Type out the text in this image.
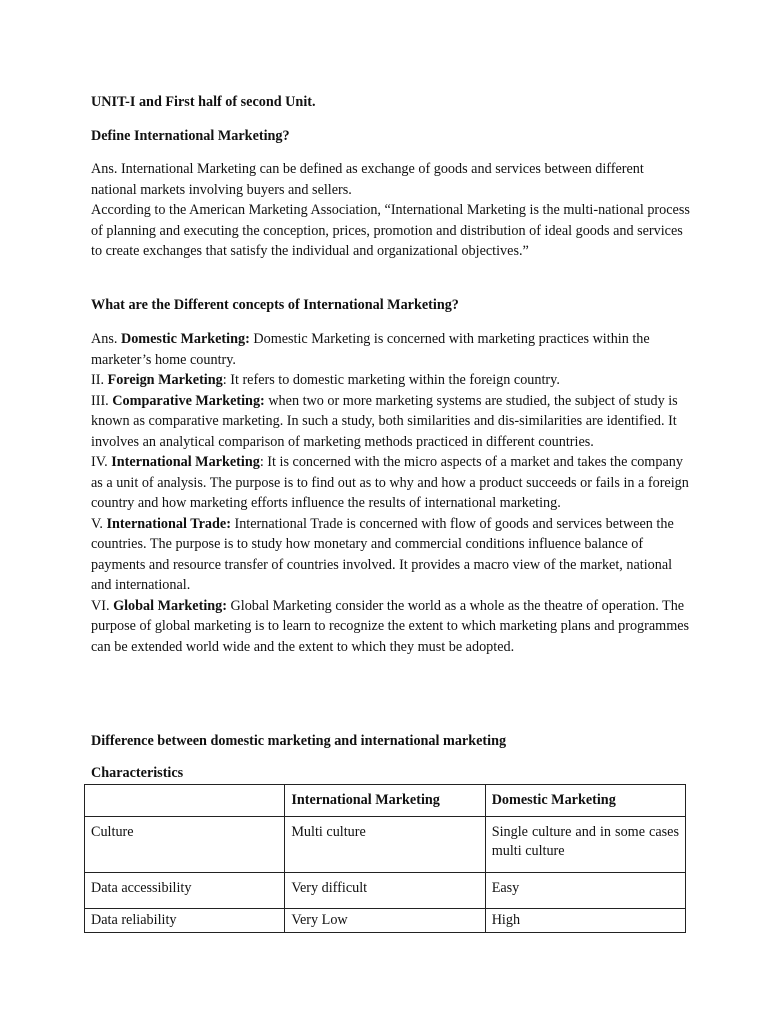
UNIT-I and First half of second Unit.
Define International Marketing?

Ans. International Marketing can be defined as exchange of goods and services between different national markets involving buyers and sellers.

According to the American Marketing Association, “International Marketing is the multi-national process of planning and executing the conception, prices, promotion and distribution of ideal goods and services to create exchanges that satisfy the individual and organizational objectives.”

What are the Different concepts of International Marketing?

Ans. Domestic Marketing: Domestic Marketing is concerned with marketing practices within the marketer’s home country.

II. Foreign Marketing: It refers to domestic marketing within the foreign country.

III. Comparative Marketing: when two or more marketing systems are studied, the subject of study is known as comparative marketing. In such a study, both similarities and dis-similarities are identified. It involves an analytical comparison of marketing methods practiced in different countries.

IV. International Marketing: It is concerned with the micro aspects of a market and takes the company as a unit of analysis. The purpose is to find out as to why and how a product succeeds or fails in a foreign country and how marketing efforts influence the results of international marketing.

V. International Trade: International Trade is concerned with flow of goods and services between the countries. The purpose is to study how monetary and commercial conditions influence balance of payments and resource transfer of countries involved. It provides a macro view of the market, national and international.

VI. Global Marketing: Global Marketing consider the world as a whole as the theatre of operation. The purpose of global marketing is to learn to recognize the extent to which marketing plans and programmes can be extended world wide and the extent to which they must be adopted.

Difference between domestic marketing and international marketing
Characteristics
	International Marketing	Domestic Marketing
Culture	Multi culture	Single culture and in some cases multi culture
Data accessibility	Very difficult	Easy
Data reliability	Very Low	High
